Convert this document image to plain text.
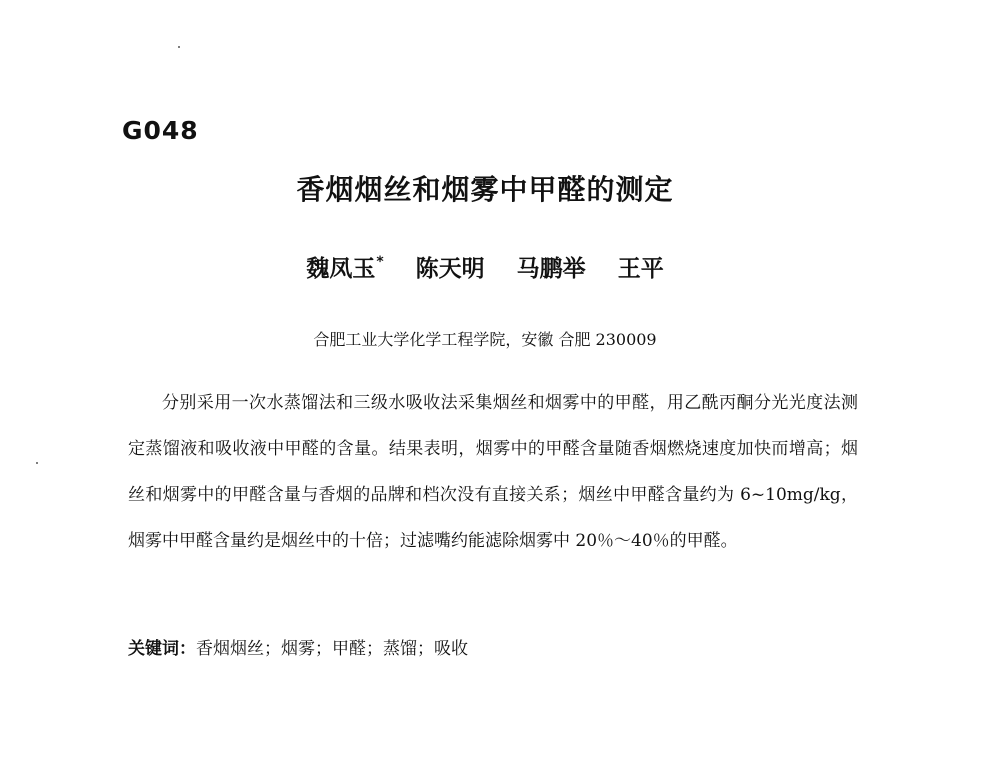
G048
香烟烟丝和烟雾中甲醛的测定
魏凤玉* 陈天明 马鹏举 王平
合肥工业大学化学工程学院，安徽 合肥 230009

分别采用一次水蒸馏法和三级水吸收法采集烟丝和烟雾中的甲醛，用乙酰丙酮分光光度法测定蒸馏液和吸收液中甲醛的含量。结果表明，烟雾中的甲醛含量随香烟燃烧速度加快而增高；烟丝和烟雾中的甲醛含量与香烟的品牌和档次没有直接关系；烟丝中甲醛含量约为 6~10mg/kg，烟雾中甲醛含量约是烟丝中的十倍；过滤嘴约能滤除烟雾中 20％～40％的甲醛。

关键词：香烟烟丝；烟雾；甲醛；蒸馏；吸收
